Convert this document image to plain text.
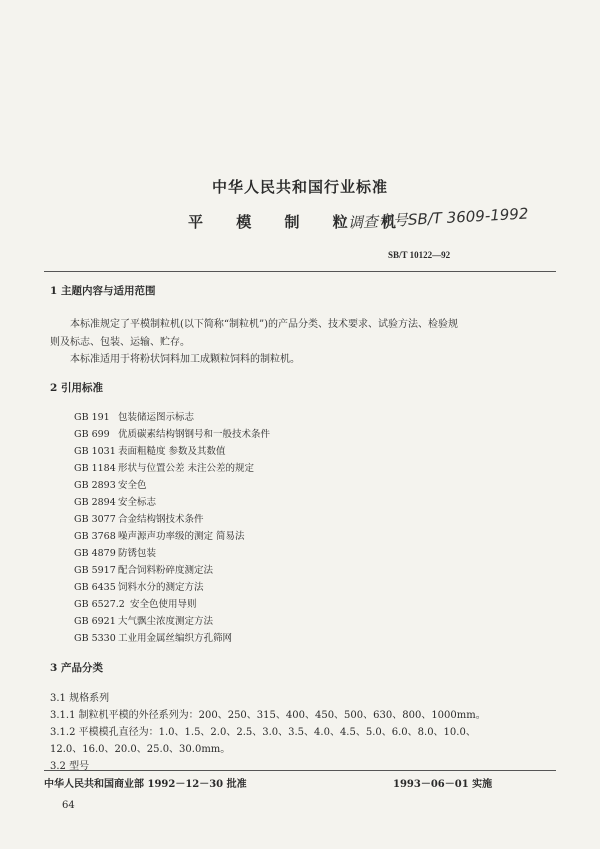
中华人民共和国行业标准
平 模 制 粒 机
调查书号SB/T 3609-1992
SB/T 10122—92
1 主题内容与适用范围
本标准规定了平模制粒机(以下简称“制粒机”)的产品分类、技术要求、试验方法、检验规
则及标志、包装、运输、贮存。
本标准适用于将粉状饲料加工成颗粒饲料的制粒机。
2 引用标准
GB 191 包装储运图示标志
GB 699 优质碳素结构钢钢号和一般技术条件
GB 1031 表面粗糙度 参数及其数值
GB 1184 形状与位置公差 未注公差的规定
GB 2893 安全色
GB 2894 安全标志
GB 3077 合金结构钢技术条件
GB 3768 噪声源声功率级的测定 简易法
GB 4879 防锈包装
GB 5917 配合饲料粉碎度测定法
GB 6435 饲料水分的测定方法
GB 6527.2 安全色使用导则
GB 6921 大气飘尘浓度测定方法
GB 5330 工业用金属丝编织方孔筛网
3 产品分类
3.1 规格系列
3.1.1 制粒机平模的外径系列为：200、250、315、400、450、500、630、800、1000mm。
3.1.2 平模模孔直径为：1.0、1.5、2.0、2.5、3.0、3.5、4.0、4.5、5.0、6.0、8.0、10.0、
12.0、16.0、20.0、25.0、30.0mm。
3.2 型号
中华人民共和国商业部 1992－12－30 批准	1993－06－01 实施
64
